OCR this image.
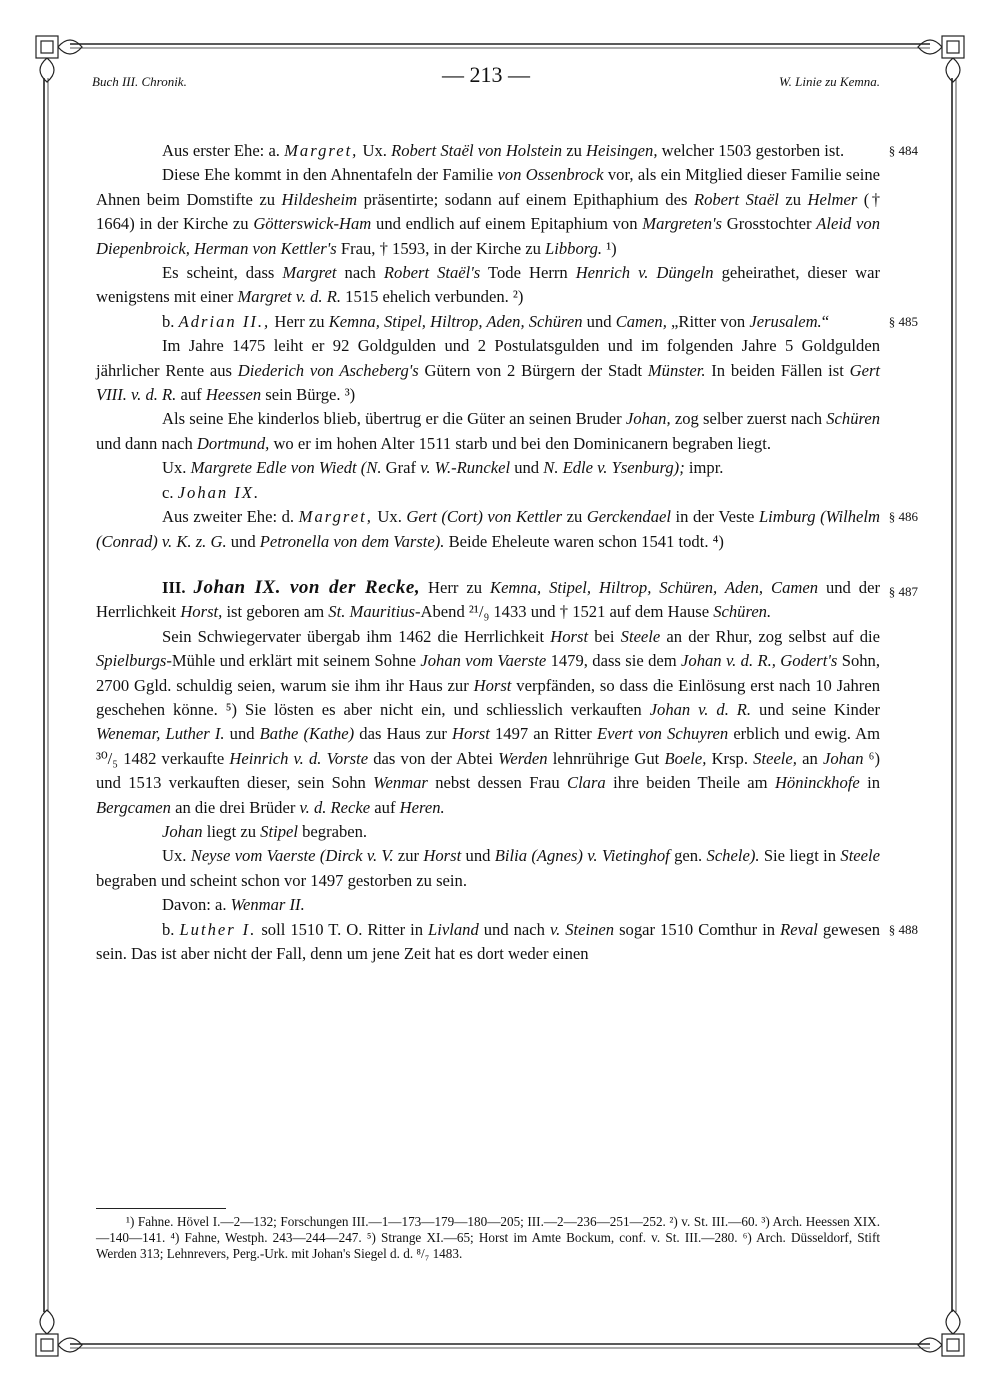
Buch III. Chronik.	— 213 —	W. Linie zu Kemna.

§ 484
Aus erster Ehe: a. Margret, Ux. Robert Staël von Holstein zu Heisingen, welcher 1503 gestorben ist.

Diese Ehe kommt in den Ahnentafeln der Familie von Ossenbrock vor, als ein Mitglied dieser Familie seine Ahnen beim Domstifte zu Hildesheim präsentirte; sodann auf einem Epithaphium des Robert Staël zu Helmer († 1664) in der Kirche zu Götterswick-Ham und endlich auf einem Epitaphium von Margreten's Grosstochter Aleid von Diepenbroick, Herman von Kettler's Frau, † 1593, in der Kirche zu Libborg. ¹)

Es scheint, dass Margret nach Robert Staël's Tode Herrn Henrich v. Düngeln geheirathet, dieser war wenigstens mit einer Margret v. d. R. 1515 ehelich verbunden. ²)

§ 485
b. Adrian II., Herr zu Kemna, Stipel, Hiltrop, Aden, Schüren und Camen, „Ritter von Jerusalem.“

Im Jahre 1475 leiht er 92 Goldgulden und 2 Postulatsgulden und im folgenden Jahre 5 Goldgulden jährlicher Rente aus Diederich von Ascheberg's Gütern von 2 Bürgern der Stadt Münster. In beiden Fällen ist Gert VIII. v. d. R. auf Heessen sein Bürge. ³)

Als seine Ehe kinderlos blieb, übertrug er die Güter an seinen Bruder Johan, zog selber zuerst nach Schüren und dann nach Dortmund, wo er im hohen Alter 1511 starb und bei den Dominicanern begraben liegt.

Ux. Margrete Edle von Wiedt (N. Graf v. W.-Runckel und N. Edle v. Ysenburg); impr.

c. Johan IX.

§ 486
Aus zweiter Ehe: d. Margret, Ux. Gert (Cort) von Kettler zu Gerckendael in der Veste Limburg (Wilhelm (Conrad) v. K. z. G. und Petronella von dem Varste). Beide Eheleute waren schon 1541 todt. ⁴)

§ 487
III. Johan IX. von der Recke, Herr zu Kemna, Stipel, Hiltrop, Schüren, Aden, Camen und der Herrlichkeit Horst, ist geboren am St. Mauritius-Abend ²¹/₉ 1433 und † 1521 auf dem Hause Schüren.

Sein Schwiegervater übergab ihm 1462 die Herrlichkeit Horst bei Steele an der Rhur, zog selbst auf die Spielburgs-Mühle und erklärt mit seinem Sohne Johan vom Vaerste 1479, dass sie dem Johan v. d. R., Godert's Sohn, 2700 Ggld. schuldig seien, warum sie ihm ihr Haus zur Horst verpfänden, so dass die Einlösung erst nach 10 Jahren geschehen könne. ⁵) Sie lösten es aber nicht ein, und schliesslich verkauften Johan v. d. R. und seine Kinder Wenemar, Luther I. und Bathe (Kathe) das Haus zur Horst 1497 an Ritter Evert von Schuyren erblich und ewig. Am ³⁰/₅ 1482 verkaufte Heinrich v. d. Vorste das von der Abtei Werden lehnrührige Gut Boele, Krsp. Steele, an Johan ⁶) und 1513 verkauften dieser, sein Sohn Wenmar nebst dessen Frau Clara ihre beiden Theile am Höninckhofe in Bergcamen an die drei Brüder v. d. Recke auf Heren.

Johan liegt zu Stipel begraben.

Ux. Neyse vom Vaerste (Dirck v. V. zur Horst und Bilia (Agnes) v. Vietinghof gen. Schele). Sie liegt in Steele begraben und scheint schon vor 1497 gestorben zu sein.

Davon: a. Wenmar II.

§ 488
b. Luther I. soll 1510 T. O. Ritter in Livland und nach v. Steinen sogar 1510 Comthur in Reval gewesen sein. Das ist aber nicht der Fall, denn um jene Zeit hat es dort weder einen

¹) Fahne. Hövel I.—2—132; Forschungen III.—1—173—179—180—205; III.—2—236—251—252. ²) v. St. III.—60. ³) Arch. Heessen XIX.—140—141. ⁴) Fahne, Westph. 243—244—247. ⁵) Strange XI.—65; Horst im Amte Bockum, conf. v. St. III.—280. ⁶) Arch. Düsseldorf, Stift Werden 313; Lehnrevers, Perg.-Urk. mit Johan's Siegel d. d. ⁸/₇ 1483.
